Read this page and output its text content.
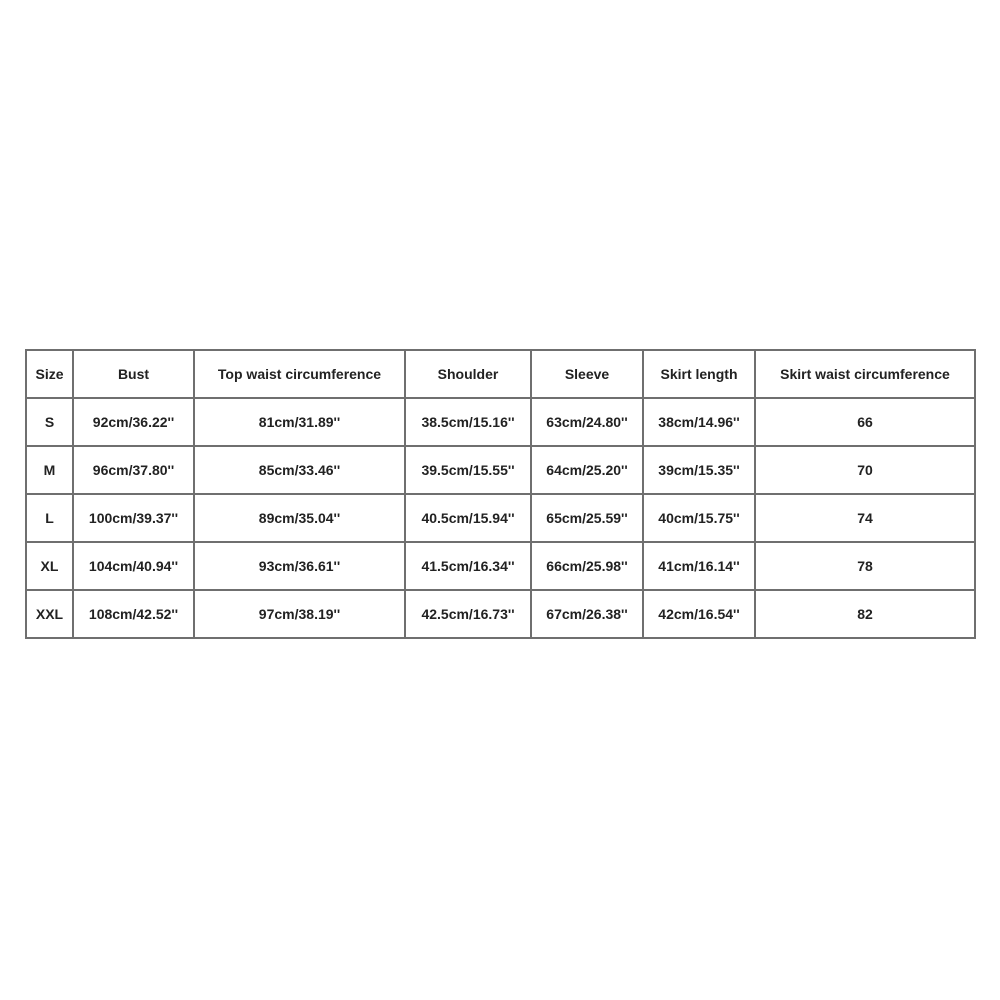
Size	Bust	Top waist circumference	Shoulder	Sleeve	Skirt length	Skirt waist circumference
S	92cm/36.22''	81cm/31.89''	38.5cm/15.16''	63cm/24.80''	38cm/14.96''	66
M	96cm/37.80''	85cm/33.46''	39.5cm/15.55''	64cm/25.20''	39cm/15.35''	70
L	100cm/39.37''	89cm/35.04''	40.5cm/15.94''	65cm/25.59''	40cm/15.75''	74
XL	104cm/40.94''	93cm/36.61''	41.5cm/16.34''	66cm/25.98''	41cm/16.14''	78
XXL	108cm/42.52''	97cm/38.19''	42.5cm/16.73''	67cm/26.38''	42cm/16.54''	82
